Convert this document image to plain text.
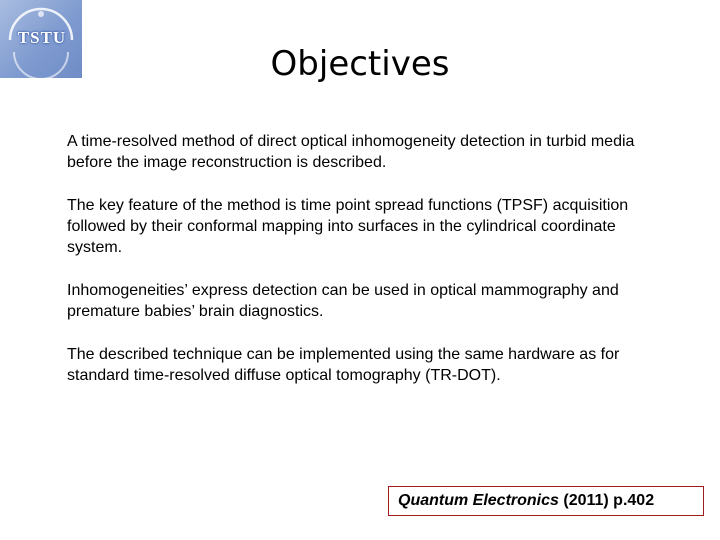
TSTU
Objectives

A time-resolved method of direct optical inhomogeneity detection in turbid media before the image reconstruction is described.

The key feature of the method is time point spread functions (TPSF) acquisition followed by their conformal mapping into surfaces in the cylindrical coordinate system.

Inhomogeneities’ express detection can be used in optical mammography and premature babies’ brain diagnostics.

The described technique can be implemented using the same hardware as for standard time-resolved diffuse optical tomography (TR-DOT).

Quantum Electronics (2011) p.402
